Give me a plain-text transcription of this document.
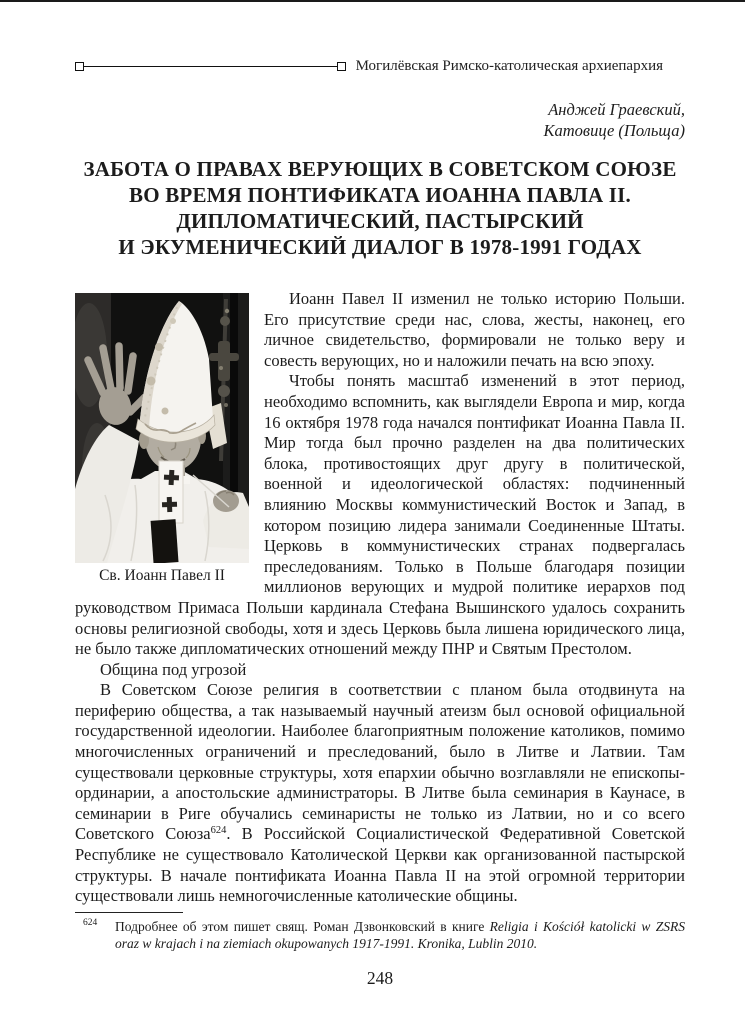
Могилёвская Римско-католическая архиепархия
Анджей Граевский,
Катовице (Польща)
ЗАБОТА О ПРАВАХ ВЕРУЮЩИХ В СОВЕТСКОМ СОЮЗЕ
ВО ВРЕМЯ ПОНТИФИКАТА ИОАННА ПАВЛА II.
ДИПЛОМАТИЧЕСКИЙ, ПАСТЫРСКИЙ
И ЭКУМЕНИЧЕСКИЙ ДИАЛОГ В 1978-1991 ГОДАХ
Св. Иоанн Павел II

Иоанн Павел II изменил не только историю Польши. Его присутствие среди нас, слова, жесты, наконец, его личное свидетельство, формировали не только веру и совесть верующих, но и наложили печать на всю эпоху.

Чтобы понять масштаб изменений в этот период, необходимо вспомнить, как выглядели Европа и мир, когда 16 октября 1978 года начался понтификат Иоанна Павла II. Мир тогда был прочно разделен на два политических блока, противостоящих друг другу в политической, военной и идеологической областях: подчиненный влиянию Москвы коммунистический Восток и Запад, в котором позицию лидера занимали Соединенные Штаты. Церковь в коммунистических странах подвергалась преследованиям. Только в Польше благодаря позиции миллионов верующих и мудрой политике иерархов под руководством Примаса Польши кардинала Стефана Вышинского удалось сохранить основы религиозной свободы, хотя и здесь Церковь была лишена юридического лица, не было также дипломатических отношений между ПНР и Святым Престолом.

Община под угрозой

В Советском Союзе религия в соответствии с планом была отодвинута на периферию общества, а так называемый научный атеизм был основой официальной государственной идеологии. Наиболее благоприятным положение католиков, помимо многочисленных ограничений и преследований, было в Литве и Латвии. Там существовали церковные структуры, хотя епархии обычно возглавляли не епископы-ординарии, а апостольские администраторы. В Литве была семинария в Каунасе, в семинарии в Риге обучались семинаристы не только из Латвии, но и со всего Советского Союза$^{624}$. В Российской Социалистической Федеративной Советской Республике не существовало Католической Церкви как организованной пастырской структуры. В начале понтификата Иоанна Павла II на этой огромной территории существовали лишь немногочисленные католические общины.

624 Подробнее об этом пишет свящ. Роман Дзвонковский в книге Religia i Kościół katolicki w ZSRS oraz w krajach i na ziemiach okupowanych 1917-1991. Kronika, Lublin 2010.
248
